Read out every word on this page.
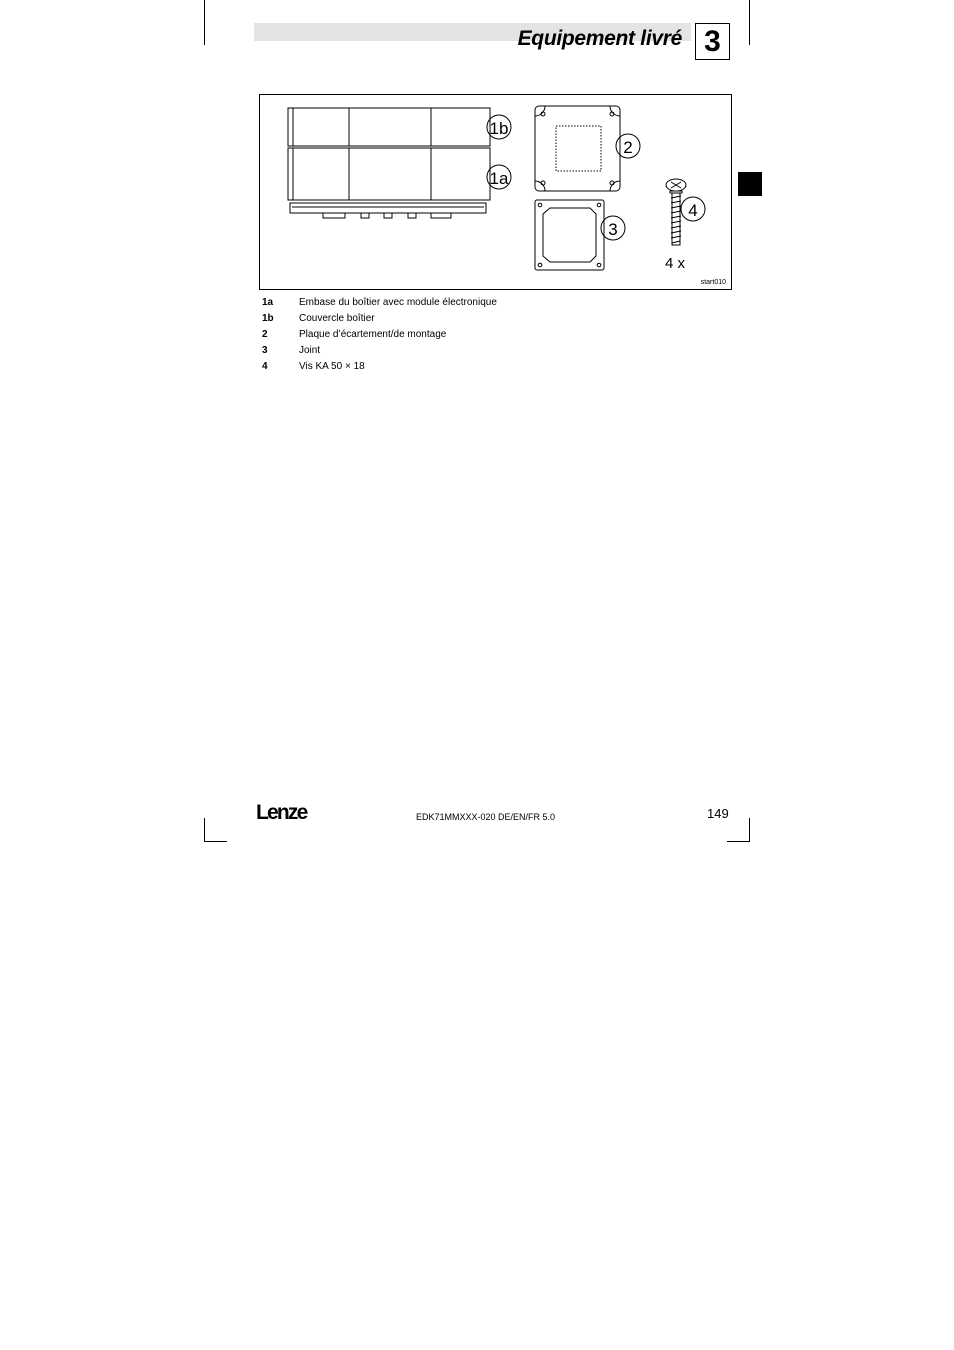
Equipement livré 3
1b
1a
2
3
4
4 x
start010
1a	Embase du boîtier avec module électronique
1b	Couvercle boîtier
2	Plaque d’écartement/de montage
3	Joint
4	Vis KA 50 × 18
Lenze	EDK71MMXXX-020 DE/EN/FR 5.0	149
